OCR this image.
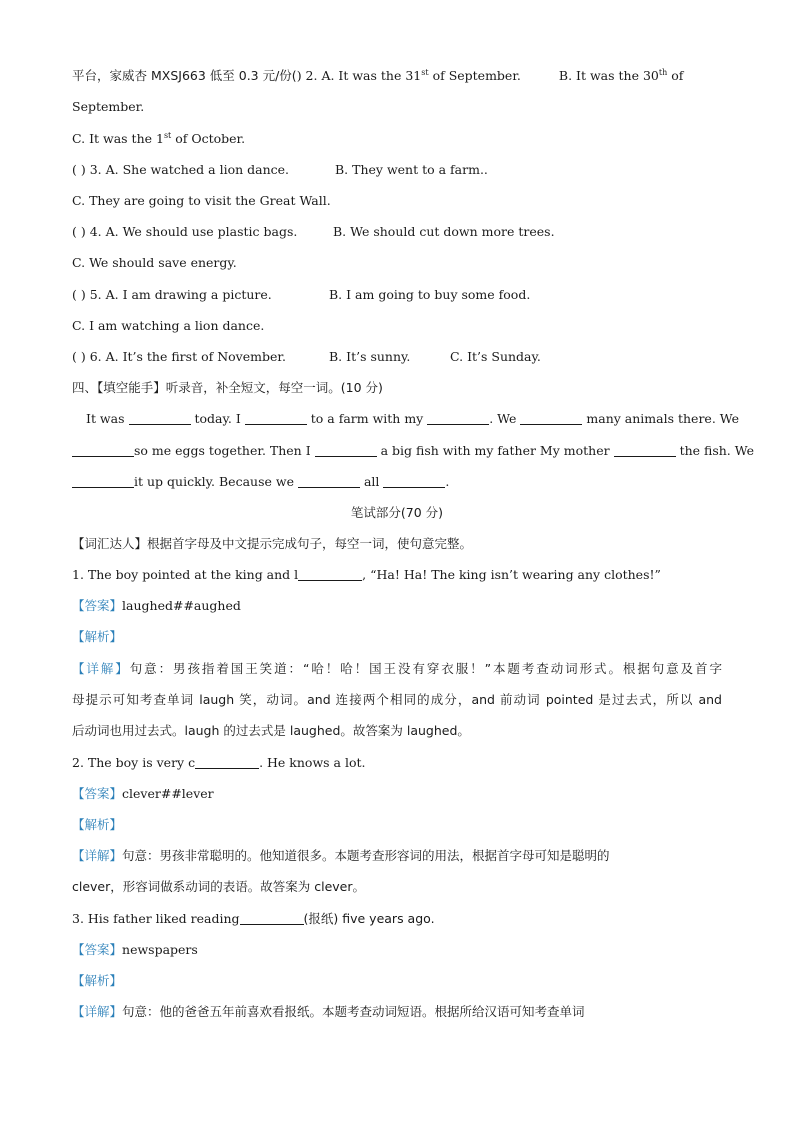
平台，家威杏 MXSJ663 低至 0.3 元/份() 2. A. It was the 31st of September.	B. It was the 30th of
September.
C. It was the 1st of October.
( ) 3. A. She watched a lion dance.	B. They went to a farm..
C. They are going to visit the Great Wall.
( ) 4. A. We should use plastic bags.	B. We should cut down more trees.
C. We should save energy.
( ) 5. A. I am drawing a picture.	B. I am going to buy some food.
C. I am watching a lion dance.
( ) 6. A. It’s the first of November.	B. It’s sunny.	C. It’s Sunday.
四、【填空能手】听录音，补全短文，每空一词。(10 分)
It was	today. I	to a farm with my	. We	many animals there. We
so me eggs together. Then I	a big fish with my father My mother	the fish. We
it up quickly. Because we	all	.
笔试部分(70 分)
【词汇达人】根据首字母及中文提示完成句子，每空一词，使句意完整。
1. The boy pointed at the king and l	, “Ha! Ha! The king isn’t wearing any clothes!”
【答案】laughed##aughed
【解析】
【详解】句意：男孩指着国王笑道：“哈！哈！国王没有穿衣服！”本题考查动词形式。根据句意及首字
母提示可知考查单词 laugh 笑，动词。and 连接两个相同的成分，and 前动词 pointed 是过去式，所以 and
后动词也用过去式。laugh 的过去式是 laughed。故答案为 laughed。
2. The boy is very c	. He knows a lot.
【答案】clever##lever
【解析】
【详解】句意：男孩非常聪明的。他知道很多。本题考查形容词的用法，根据首字母可知是聪明的
clever，形容词做系动词的表语。故答案为 clever。
3. His father liked reading	(报纸) five years ago.
【答案】newspapers
【解析】
【详解】句意：他的爸爸五年前喜欢看报纸。本题考查动词短语。根据所给汉语可知考查单词
